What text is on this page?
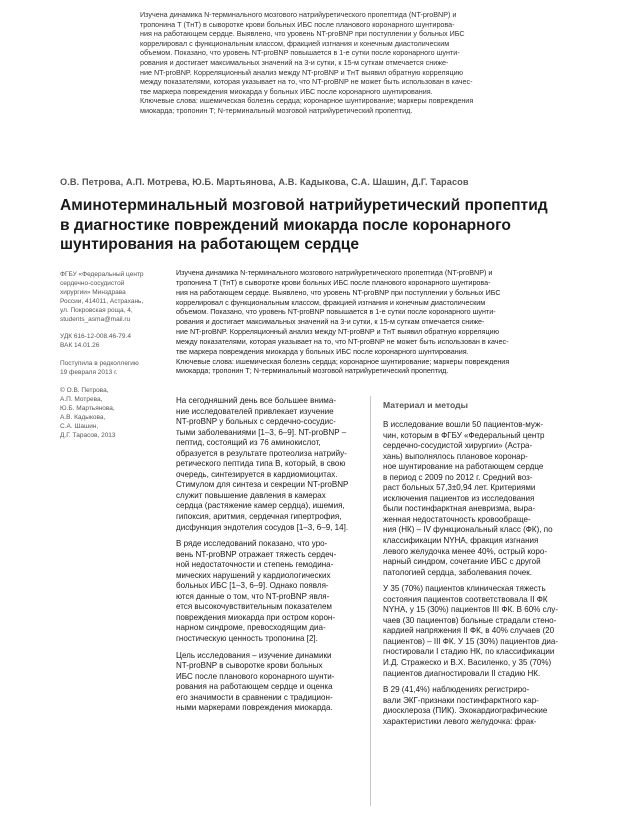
Изучена динамика N-терминального мозгового натрийуретического пропептида (NT-proBNP) и
тропонина Т (ТнТ) в сыворотке крови больных ИБС после планового коронарного шунтирова-
ния на работающем сердце. Выявлено, что уровень NT-proBNP при поступлении у больных ИБС
коррелировал с функциональным классом, фракцией изгнания и конечным диастолическим
объемом. Показано, что уровень NT-proBNP повышается в 1-е сутки после коронарного шунти-
рования и достигает максимальных значений на 3-и сутки, к 15-м суткам отмечается сниже-
ние NT-proBNP. Корреляционный анализ между NT-proBNP и ТнТ выявил обратную корреляцию
между показателями, которая указывает на то, что NT-proBNP не может быть использован в качес-
тве маркера повреждения миокарда у больных ИБС после коронарного шунтирования.
Ключевые слова: ишемическая болезнь сердца; коронарное шунтирование; маркеры повреждения
миокарда; тропонин Т; N-терминальный мозговой натрийуретический пропептид.

О.В. Петрова, А.П. Мотрева, Ю.Б. Мартьянова, А.В. Кадыкова, С.А. Шашин, Д.Г. Тарасов
Аминотерминальный мозговой натрийуретический пропептид
в диагностике повреждений миокарда после коронарного
шунтирования на работающем сердце
ФГБУ «Федеральный центр
сердечно-сосудистой
хирургии» Минздрава
России, 414011, Астрахань,
ул. Покровская роща, 4,
students_asma@mail.ru
УДК 616-12-008.46-79.4
ВАК 14.01.26
Поступила в редколлегию
19 февраля 2013 г.
© О.В. Петрова,
А.П. Мотрева,
Ю.Б. Мартьянова,
А.В. Кадыкова,
С.А. Шашин,
Д.Г. Тарасов, 2013

Изучена динамика N-терминального мозгового натрийуретического пропептида (NT-proBNP) и
тропонина Т (ТнТ) в сыворотке крови больных ИБС после планового коронарного шунтирова-
ния на работающем сердце. Выявлено, что уровень NT-proBNP при поступлении у больных ИБС
коррелировал с функциональным классом, фракцией изгнания и конечным диастолическим
объемом. Показано, что уровень NT-proBNP повышается в 1-е сутки после коронарного шунти-
рования и достигает максимальных значений на 3-и сутки, к 15-м суткам отмечается сниже-
ние NT-proBNP. Корреляционный анализ между NT-proBNP и ТнТ выявил обратную корреляцию
между показателями, которая указывает на то, что NT-proBNP не может быть использован в качес-
тве маркера повреждения миокарда у больных ИБС после коронарного шунтирования.
Ключевые слова: ишемическая болезнь сердца; коронарное шунтирование; маркеры повреждения
миокарда; тропонин Т; N-терминальный мозговой натрийуретический пропептид.

На сегодняшний день все большее внима-
ние исследователей привлекает изучение
NT-proBNP у больных с сердечно-сосудис-
тыми заболеваниями [1–3, 6–9]. NT-proBNP –
пептид, состоящий из 76 аминокислот,
образуется в результате протеолиза натрийу-
ретического пептида типа В, который, в свою
очередь, синтезируется в кардиомиоцитах.
Стимулом для синтеза и секреции NT-proBNP
служит повышение давления в камерах
сердца (растяжение камер сердца), ишемия,
гипоксия, аритмия, сердечная гипертрофия,
дисфункция эндотелия сосудов [1–3, 6–9, 14].

В ряде исследований показано, что уро-
вень NT-proBNP отражает тяжесть сердеч-
ной недостаточности и степень гемодина-
мических нарушений у кардиологических
больных ИБС [1–3, 6–9]. Однако появля-
ются данные о том, что NT-proBNP явля-
ется высокочувствительным показателем
повреждения миокарда при остром корон-
нарном синдроме, превосходящим диа-
гностическую ценность тропонина [2].

Цель исследования – изучение динамики
NT-proBNP в сыворотке крови больных
ИБС после планового коронарного шунти-
рования на работающем сердце и оценка
его значимости в сравнении с традицион-
ными маркерами повреждения миокарда.

Материал и методы

В исследование вошли 50 пациентов-муж-
чин, которым в ФГБУ «Федеральный центр
сердечно-сосудистой хирургии» (Астра-
хань) выполнялось плановое коронар-
ное шунтирование на работающем сердце
в период с 2009 по 2012 г. Средний воз-
раст больных 57,3±0,94 лет. Критериями
исключения пациентов из исследования
были постинфарктная аневризма, выра-
женная недостаточность кровообраще-
ния (НК) – IV функциональный класс (ФК), по
классификации NYHA, фракция изгнания
левого желудочка менее 40%, острый коро-
нарный синдром, сочетание ИБС с другой
патологией сердца, заболевания почек.

У 35 (70%) пациентов клиническая тяжесть
состояния пациентов соответствовала II ФК
NYHA, у 15 (30%) пациентов III ФК. В 60% слу-
чаев (30 пациентов) больные страдали стено-
кардией напряжения II ФК, в 40% случаев (20
пациентов) – III ФК. У 15 (30%) пациентов диа-
гностировали I стадию НК, по классификации
И.Д. Стражеско и В.Х. Василенко, у 35 (70%)
пациентов диагностировали II стадию НК.

В 29 (41,4%) наблюдениях регистриро-
вали ЭКГ-признаки постинфарктного кар-
диосклероза (ПИК). Эхокардиографические
характеристики левого желудочка: фрак-
